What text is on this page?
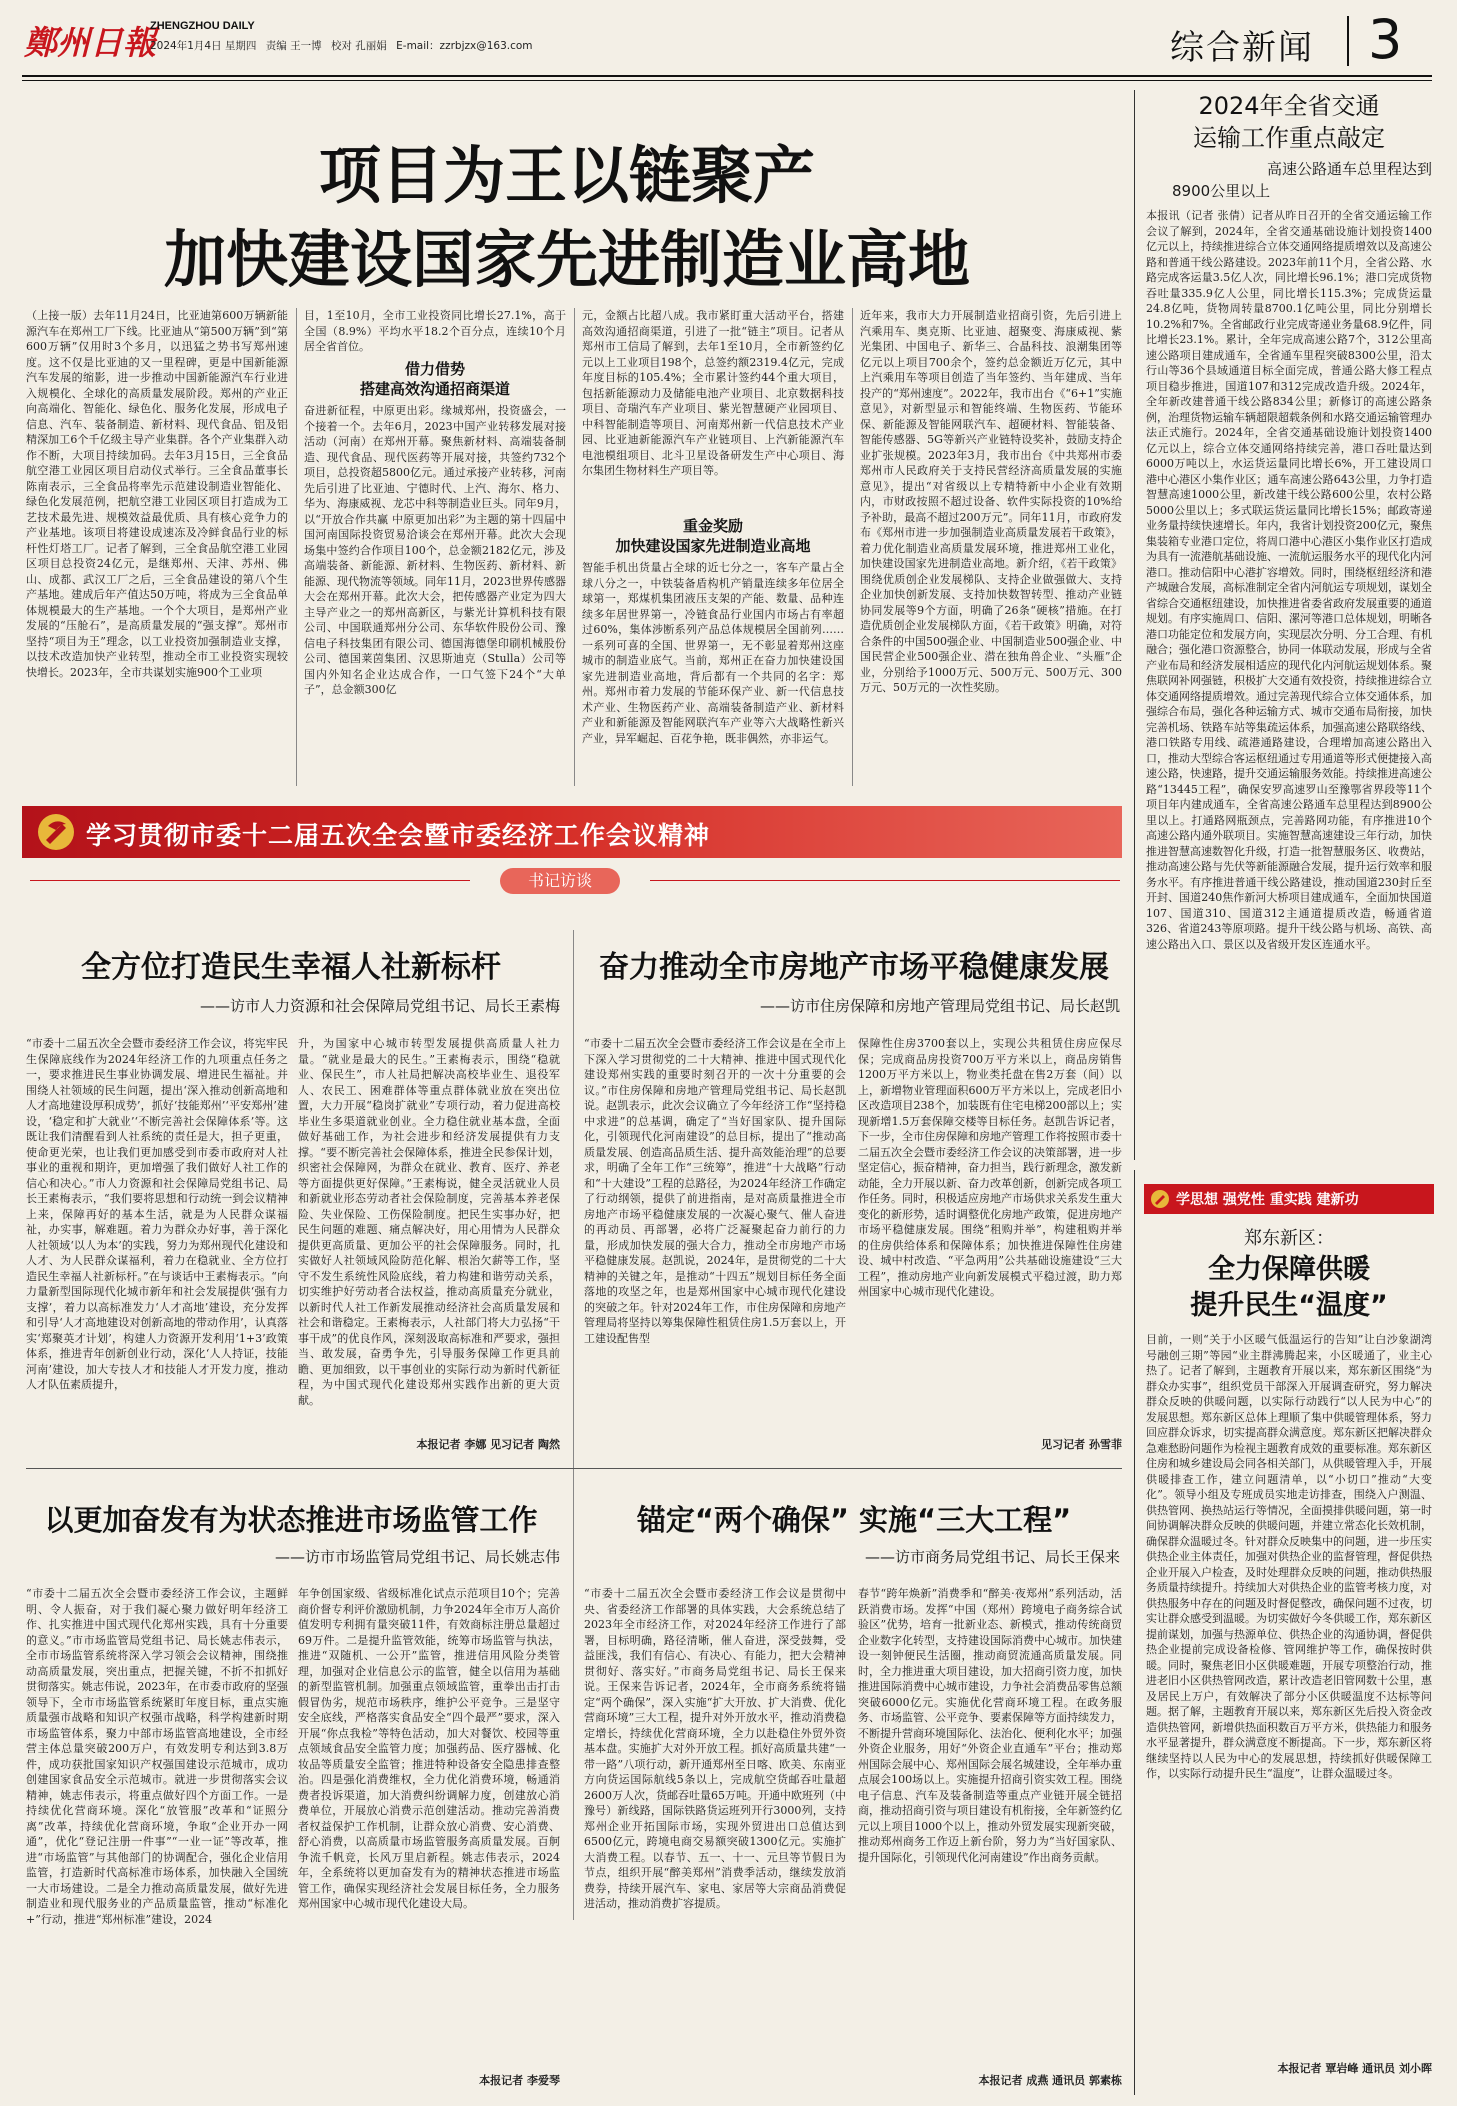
鄭州日報
ZHENGZHOU DAILY
2024年1月4日 星期四 责编 王一博 校对 孔丽娟 E-mail：zzrbjzx@163.com	综合新闻 3
项目为王以链聚产
加快建设国家先进制造业高地
（上接一版）去年11月24日，比亚迪第600万辆新能源汽车在郑州工厂下线。比亚迪从“第500万辆”到“第600万辆”仅用时3个多月，以迅猛之势书写郑州速度。这不仅是比亚迪的又一里程碑，更是中国新能源汽车发展的缩影，进一步推动中国新能源汽车行业进入规模化、全球化的高质量发展阶段。郑州的产业正向高端化、智能化、绿色化、服务化发展，形成电子信息、汽车、装备制造、新材料、现代食品、铝及铝精深加工6个千亿级主导产业集群。各个产业集群入动作不断，大项目持续加码。去年3月15日，三全食品航空港工业园区项目启动仪式举行。三全食品董事长陈南表示，三全食品将率先示范建设制造业智能化、绿色化发展范例，把航空港工业园区项目打造成为工艺技术最先进、规模效益最优质、具有核心竞争力的产业基地。该项目将建设成速冻及冷鲜食品行业的标杆性灯塔工厂。记者了解到，三全食品航空港工业园区项目总投资24亿元，是继郑州、天津、苏州、佛山、成都、武汉工厂之后，三全食品建设的第八个生产基地。建成后年产值达50万吨，将成为三全食品单体规模最大的生产基地。一个个大项目，是郑州产业发展的“压舱石”，是高质量发展的“强支撑”。郑州市坚持“项目为王”理念，以工业投资加强制造业支撑，以技术改造加快产业转型，推动全市工业投资实现较快增长。2023年，全市共谋划实施900个工业项
目，1至10月，全市工业投资同比增长27.1%，高于全国（8.9%）平均水平18.2个百分点，连续10个月居全省首位。
借力借势
搭建高效沟通招商渠道
奋进新征程，中原更出彩。缘城郑州，投资盛会，一个接着一个。去年6月，2023中国产业转移发展对接活动（河南）在郑州开幕。聚焦新材料、高端装备制造、现代食品、现代医药等开展对接，共签约732个项目，总投资超5800亿元。通过承接产业转移，河南先后引进了比亚迪、宁德时代、上汽、海尔、格力、华为、海康威视、龙芯中科等制造业巨头。同年9月，以“开放合作共赢 中原更加出彩”为主题的第十四届中国河南国际投资贸易洽谈会在郑州开幕。此次大会现场集中签约合作项目100个，总金额2182亿元，涉及高端装备、新能源、新材料、生物医药、新材料、新能源、现代物流等领域。同年11月，2023世界传感器大会在郑州开幕。此次大会，把传感器产业定为四大主导产业之一的郑州高新区，与紫光计算机科技有限公司、中国联通郑州分公司、东华软件股份公司、豫信电子科技集团有限公司、德国海德堡印刷机械股份公司、德国莱茵集团、汉思斯迪克（Stulla）公司等国内外知名企业达成合作，一口气签下24个“大单子”，总金额300亿
元，金额占比超八成。我市紧盯重大活动平台，搭建高效沟通招商渠道，引进了一批“链主”项目。记者从郑州市工信局了解到，去年1至10月，全市新签约亿元以上工业项目198个，总签约额2319.4亿元，完成年度目标的105.4%；全市累计签约44个重大项目，包括新能源动力及储能电池产业项目、北京数据科技项目、奇瑞汽车产业项目、紫光智慧硬产业园项目、中科智能制造等项目、河南郑州新一代信息技术产业园、比亚迪新能源汽车产业链项目、上汽新能源汽车电池模组项目、北斗卫星设备研发生产中心项目、海尔集团生物材料生产项目等。
重金奖励
加快建设国家先进制造业高地
智能手机出货量占全球的近七分之一，客车产量占全球八分之一，中铁装备盾构机产销量连续多年位居全球第一，郑煤机集团液压支架的产能、数量、品种连续多年居世界第一，冷链食品行业国内市场占有率超过60%，集体涉断系列产品总体规模居全国前列……一系列可喜的全国、世界第一，无不彰显着郑州这座城市的制造业底气。当前，郑州正在奋力加快建设国家先进制造业高地，背后都有一个共同的名字：郑州。郑州市着力发展的节能环保产业、新一代信息技术产业、生物医药产业、高端装备制造产业、新材料产业和新能源及智能网联汽车产业等六大战略性新兴产业，异军崛起、百花争艳，既非偶然，亦非运气。
近年来，我市大力开展制造业招商引资，先后引进上汽乘用车、奥克斯、比亚迪、超聚变、海康威视、紫光集团、中国电子、新华三、合晶科技、浪潮集团等亿元以上项目700余个，签约总金额近万亿元，其中上汽乘用车等项目创造了当年签约、当年建成、当年投产的“郑州速度”。2022年，我市出台《“6+1”实施意见》，对新型显示和智能终端、生物医药、节能环保、新能源及智能网联汽车、超硬材料、智能装备、智能传感器、5G等新兴产业链特设奖补，鼓励支持企业扩张规模。2023年3月，我市出台《中共郑州市委 郑州市人民政府关于支持民营经济高质量发展的实施意见》，提出“对省级以上专精特新中小企业有效期内，市财政按照不超过设备、软件实际投资的10%给予补助，最高不超过200万元”。同年11月，市政府发布《郑州市进一步加强制造业高质量发展若干政策》，着力优化制造业高质量发展环境，推进郑州工业化，加快建设国家先进制造业高地。新介绍，《若干政策》围绕优质创企业发展梯队、支持企业做强做大、支持企业加快创新发展、支持加快数智转型、推动产业链协同发展等9个方面，明确了26条“硬核”措施。在打造优质创企业发展梯队方面，《若干政策》明确，对符合条件的中国500强企业、中国制造业500强企业、中国民营企业500强企业、潜在独角兽企业、“头雁”企业，分别给予1000万元、500万元、500万元、300万元、50万元的一次性奖励。
2024年全省交通
运输工作重点敲定
高速公路通车总里程达到
8900公里以上
本报讯（记者 张倩）记者从昨日召开的全省交通运输工作会议了解到，2024年，全省交通基础设施计划投资1400亿元以上，持续推进综合立体交通网络提质增效以及高速公路和普通干线公路建设。2023年前11个月，全省公路、水路完成客运量3.5亿人次，同比增长96.1%；港口完成货物吞吐量335.9亿人公里，同比增长115.3%；完成货运量24.8亿吨，货物周转量8700.1亿吨公里，同比分别增长10.2%和7%。全省邮政行业完成寄递业务量68.9亿件，同比增长23.1%。累计，全年完成高速公路7个，312公里高速公路项目建成通车，全省通车里程突破8300公里，沿太行山等36个县域通道目标全面完成，普通公路大修工程点项目稳步推进，国道107和312完成改造升级。2024年，全年新改建普通干线公路834公里；新修订的高速公路条例，治理货物运输车辆超限超载条例和水路交通运输管理办法正式施行。2024年，全省交通基础设施计划投资1400亿元以上，综合立体交通网络持续完善，港口吞吐量达到6000万吨以上，水运货运量同比增长6%，开工建设周口港中心港区小集作业区；通车高速公路643公里，力争打造智慧高速1000公里，新改建干线公路600公里，农村公路5000公里以上；多式联运货运量同比增长15%；邮政寄递业务量持续快速增长。年内，我省计划投资200亿元，聚焦集装箱专业港口定位，将周口港中心港区小集作业区打造成为具有一流港航基础设施、一流航运服务水平的现代化内河港口。推动信阳中心港扩容增效。同时，围绕枢纽经济和港产城融合发展，高标准制定全省内河航运专项规划，谋划全省综合交通枢纽建设，加快推进省委省政府发展重要的通道规划。有序实施周口、信阳、漯河等港口总体规划，明晰各港口功能定位和发展方向，实现层次分明、分工合理、有机融合；强化港口资源整合，协同一体联动发展，形成与全省产业布局和经济发展相适应的现代化内河航运规划体系。聚焦联网补网强链，积极扩大交通有效投资，持续推进综合立体交通网络提质增效。通过完善现代综合立体交通体系，加强综合布局，强化各种运输方式、城市交通布局衔接，加快完善机场、铁路车站等集疏运体系，加强高速公路联络线、港口铁路专用线、疏港通路建设，合理增加高速公路出入口，推动大型综合客运枢纽通过专用通道等形式便捷接入高速公路，快速路，提升交通运输服务效能。持续推进高速公路“13445工程”，确保安罗高速罗山至豫鄂省界段等11个项目年内建成通车，全省高速公路通车总里程达到8900公里以上。打通路网瓶颈点，完善路网功能，有序推进10个高速公路内通外联项目。实施智慧高速建设三年行动，加快推进智慧高速数智化升级，打造一批智慧服务区、收费站，推动高速公路与先伏等新能源融合发展，提升运行效率和服务水平。有序推进普通干线公路建设，推动国道230封丘至开封、国道240焦作新河大桥项目建成通车，全面加快国道107、国道310、国道312主通道提质改造，畅通省道326、省道243等原项路。提升干线公路与机场、高铁、高速公路出入口、景区以及省级开发区连通水平。
学习贯彻市委十二届五次全会暨市委经济工作会议精神
书记访谈
全方位打造民生幸福人社新标杆
——访市人力资源和社会保障局党组书记、局长王素梅
“市委十二届五次全会暨市委经济工作会议，将宪牢民生保障底线作为2024年经济工作的九项重点任务之一，要求推进民生事业协调发展、增进民生福祉。并围绕人社领域的民生问题，提出‘深入推动创新高地和人才高地建设厚积成势’，抓好‘技能郑州’‘平安郑州’建设，‘稳定和扩大就业’‘不断完善社会保障体系’等。这既让我们清醒看到人社系统的责任是大，担子更重，使命更光荣，也让我们更加感受到市委市政府对人社事业的重视和期许，更加增强了我们做好人社工作的信心和决心。”市人力资源和社会保障局党组书记、局长王素梅表示，“我们要将思想和行动统一到会议精神上来，保障再好的基本生活，就是为人民群众谋福祉，办实事，解难题。着力为群众办好事，善于深化人社领域‘以人为本’的实践，努力为郑州现代化建设和人才、为人民群众谋福利，着力在稳就业、全方位打造民生幸福人社新标杆。”在与谈话中王素梅表示。“向力量新型国际现代化城市新年和社会发展提供‘强有力支撑’，着力以高标准发力‘人才高地’建设，充分发挥和引导‘人才高地建设对创新高地的带动作用’，认真落实‘郑聚英才计划’，构建人力资源开发利用‘1+3’政策体系，推进青年创新创业行动，深化‘人人持证，技能河南’建设，加大专技人才和技能人才开发力度，推动人才队伍素质提升，
升，为国家中心城市转型发展提供高质量人社力量。“就业是最大的民生。”王素梅表示，围绕“稳就业、保民生”，市人社局把解决高校毕业生、退役军人、农民工、困难群体等重点群体就业放在突出位置，大力开展“稳岗扩就业”专项行动，着力促进高校毕业生多渠道就业创业。全力稳住就业基本盘，全面做好基础工作，为社会进步和经济发展提供有力支撑。“要不断完善社会保障体系，推进全民参保计划，织密社会保障网，为群众在就业、教育、医疗、养老等方面提供更好保障。”王素梅说，健全灵活就业人员和新就业形态劳动者社会保险制度，完善基本养老保险、失业保险、工伤保险制度。把民生实事办好，把民生问题的难题、痛点解决好，用心用情为人民群众提供更高质量、更加公平的社会保障服务。同时，扎实做好人社领域风险防范化解、根治欠薪等工作，坚守不发生系统性风险底线，着力构建和谐劳动关系，切实维护好劳动者合法权益，推动高质量充分就业，以新时代人社工作新发展推动经济社会高质量发展和社会和谐稳定。王素梅表示，人社部门将大力弘扬“干事干成”的优良作风，深刻汲取高标准和严要求，强担当、敢发展，奋勇争先，引导服务保障工作更具前瞻、更加细致，以干事创业的实际行动为新时代新征程，为中国式现代化建设郑州实践作出新的更大贡献。
本报记者 李娜 见习记者 陶然
奋力推动全市房地产市场平稳健康发展
——访市住房保障和房地产管理局党组书记、局长赵凯
“市委十二届五次全会暨市委经济工作会议是在全市上下深入学习贯彻党的二十大精神、推进中国式现代化建设郑州实践的重要时刻召开的一次十分重要的会议。”市住房保障和房地产管理局党组书记、局长赵凯说。赵凯表示，此次会议确立了今年经济工作“坚持稳中求进”的总基调，确定了“当好国家队、提升国际化，引领现代化河南建设”的总目标，提出了“推动高质量发展、创造高品质生活、提升高效能治理”的总要求，明确了全年工作“三统筹”，推进“十大战略”行动和“十大建设”工程的总路径，为2024年经济工作确定了行动纲领，提供了前进指南，是对高质量推进全市房地产市场平稳健康发展的一次凝心聚气、催人奋进的再动员、再部署，必将广泛凝聚起奋力前行的力量，形成加快发展的强大合力，推动全市房地产市场平稳健康发展。赵凯说，2024年，是贯彻党的二十大精神的关键之年，是推动“十四五”规划目标任务全面落地的攻坚之年，也是郑州国家中心城市现代化建设的突破之年。针对2024年工作，市住房保障和房地产管理局将坚持以筹集保障性租赁住房1.5万套以上，开工建设配售型
保障性住房3700套以上，实现公共租赁住房应保尽保；完成商品房投资700万平方米以上，商品房销售1200万平方米以上，物业类托盘在售2万套（间）以上，新增物业管理面积600万平方米以上，完成老旧小区改造项目238个，加装既有住宅电梯200部以上；实现新增1.5万套保障交楼等目标任务。赵凯告诉记者，下一步，全市住房保障和房地产管理工作将按照市委十二届五次全会暨市委经济工作会议的决策部署，进一步坚定信心，振奋精神，奋力担当，践行新理念，激发新动能，全力开展以新、奋力改革创新，创新完成各项工作任务。同时，积极适应房地产市场供求关系发生重大变化的新形势，适时调整优化房地产政策，促进房地产市场平稳健康发展。围绕“租购并举”，构建租购并举的住房供给体系和保障体系；加快推进保障性住房建设、城中村改造、“平急两用”公共基础设施建设“三大工程”，推动房地产业向新发展模式平稳过渡，助力郑州国家中心城市现代化建设。
见习记者 孙雪菲
以更加奋发有为状态推进市场监管工作
——访市市场监管局党组书记、局长姚志伟
“市委十二届五次全会暨市委经济工作会议，主题鲜明、令人振奋，对于我们凝心聚力做好明年经济工作、扎实推进中国式现代化郑州实践，具有十分重要的意义。”市市场监管局党组书记、局长姚志伟表示，全市市场监管系统将深入学习领会会议精神，围绕推动高质量发展，突出重点，把握关键，不折不扣抓好贯彻落实。姚志伟说，2023年，在市委市政府的坚强领导下，全市市场监管系统紧盯年度目标，重点实施质量强市战略和知识产权强市战略，科学构建新时期市场监管体系，聚力中部市场监管高地建设，全市经营主体总量突破200万户，有效发明专利达到3.8万件，成功获批国家知识产权强国建设示范城市，成功创建国家食品安全示范城市。就进一步贯彻落实会议精神，姚志伟表示，将重点做好四个方面工作。一是持续优化营商环境。深化“放管服”改革和“证照分离”改革，持续优化营商环境，争取“企业开办一网通”，优化“登记注册一件事”“一业一证”等改革，推进“市场监管”与其他部门的协调配合，强化企业信用监管，打造新时代高标准市场体系，加快融入全国统一大市场建设。二是全力推动高质量发展，做好先进制造业和现代服务业的产品质量监管，推动“标准化+”行动，推进“郑州标准”建设，2024
年争创国家级、省级标准化试点示范项目10个；完善商价督专利评价激励机制，力争2024年全市万人高价值发明专利拥有量突破11件，有效商标注册总量超过69万件。二是提升监管效能，统筹市场监管与执法，推进“双随机、一公开”监管，推进信用风险分类管理，加强对企业信息公示的监管，健全以信用为基础的新型监管机制。加强重点领域监管，重拳出击打击假冒伪劣，规范市场秩序，维护公平竞争。三是坚守安全底线，严格落实食品安全“四个最严”要求，深入开展“你点我检”等特色活动，加大对餐饮、校园等重点领域食品安全监管力度；加强药品、医疗器械、化妆品等质量安全监管；推进特种设备安全隐患排查整治。四是强化消费维权，全力优化消费环境，畅通消费者投诉渠道，加大消费纠纷调解力度，创建放心消费单位，开展放心消费示范创建活动。推动完善消费者权益保护工作机制，让群众放心消费、安心消费、舒心消费，以高质量市场监管服务高质量发展。百舸争流千帆竞，长风万里启新程。姚志伟表示，2024年，全系统将以更加奋发有为的精神状态推进市场监管工作，确保实现经济社会发展目标任务，全力服务郑州国家中心城市现代化建设大局。
本报记者 李爱琴
锚定“两个确保” 实施“三大工程”
——访市商务局党组书记、局长王保来
“市委十二届五次全会暨市委经济工作会议是贯彻中央、省委经济工作部署的具体实践，大会系统总结了2023年全市经济工作，对2024年经济工作进行了部署，目标明确，路径清晰，催人奋进，深受鼓舞，受益匪浅，我们有信心、有决心、有能力，把大会精神贯彻好、落实好。”市商务局党组书记、局长王保来说。王保来告诉记者，2024年，全市商务系统将锚定“两个确保”，深入实施“扩大开放、扩大消费、优化营商环境”三大工程，提升对外开放水平，推动消费稳定增长，持续优化营商环境，全力以赴稳住外贸外资基本盘。实施扩大对外开放工程。抓好高质量共建“一带一路”八项行动，新开通郑州至日喀、欧美、东南亚方向货运国际航线5条以上，完成航空货邮吞吐量超2600万人次，货邮吞吐量65万吨。开通中欧班列（中豫号）新线路，国际铁路货运班列开行3000列，支持郑州企业开拓国际市场，实现外贸进出口总值达到6500亿元，跨境电商交易额突破1300亿元。实施扩大消费工程。以春节、五一、十一、元旦等节假日为节点，组织开展“醉美郑州”消费季活动，继续发放消费券，持续开展汽车、家电、家居等大宗商品消费促进活动，推动消费扩容提质。
春节“跨年焕新”消费季和“醉美·夜郑州”系列活动，活跃消费市场。发挥“中国（郑州）跨境电子商务综合试验区”优势，培育一批新业态、新模式，推动传统商贸企业数字化转型，支持建设国际消费中心城市。加快建设一刻钟便民生活圈，推动商贸流通高质量发展。同时，全力推进重大项目建设，加大招商引资力度，加快推进国际消费中心城市建设，力争社会消费品零售总额突破6000亿元。实施优化营商环境工程。在政务服务、市场监管、公平竞争、要素保障等方面持续发力，不断提升营商环境国际化、法治化、便利化水平；加强外资企业服务，用好“外资企业直通车”平台；推动郑州国际会展中心、郑州国际会展名城建设，全年举办重点展会100场以上。实施提升招商引资实效工程。围绕电子信息、汽车及装备制造等重点产业链开展全链招商，推动招商引资与项目建设有机衔接，全年新签约亿元以上项目1000个以上，推动外贸发展实现新突破，推动郑州商务工作迈上新台阶，努力为“当好国家队、提升国际化，引领现代化河南建设”作出商务贡献。
本报记者 成燕 通讯员 郭素栋
学思想 强党性 重实践 建新功
郑东新区：
全力保障供暖
提升民生“温度”
目前，一则“关于小区暖气低温运行的告知”让白沙象湖湾号融创三期”等园“业主群沸腾起来，小区暖通了，业主心热了。记者了解到，主题教育开展以来，郑东新区围绕“为群众办实事”，组织党员干部深入开展调查研究，努力解决群众反映的供暖问题，以实际行动践行“以人民为中心”的发展思想。郑东新区总体上理顺了集中供暖管理体系，努力回应群众诉求，切实提高群众满意度。郑东新区把解决群众急难愁盼问题作为检视主题教育成效的重要标准。郑东新区住房和城乡建设局会同各相关部门，从供暖管理入手，开展供暖排查工作，建立问题清单，以“小切口”推动“大变化”。领导小组及专班成员实地走访排查，围绕入户测温、供热管网、换热站运行等情况，全面摸排供暖问题，第一时间协调解决群众反映的供暖问题，并建立常态化长效机制，确保群众温暖过冬。针对群众反映集中的问题，进一步压实供热企业主体责任，加强对供热企业的监督管理，督促供热企业开展入户检查，及时处理群众反映的问题，推动供热服务质量持续提升。持续加大对供热企业的监管考核力度，对供热服务中存在的问题及时督促整改，确保问题不过夜，切实让群众感受到温暖。为切实做好今冬供暖工作，郑东新区提前谋划，加强与热源单位、供热企业的沟通协调，督促供热企业提前完成设备检修、管网维护等工作，确保按时供暖。同时，聚焦老旧小区供暖难题，开展专项整治行动，推进老旧小区供热管网改造，累计改造老旧管网数十公里，惠及居民上万户，有效解决了部分小区供暖温度不达标等问题。据了解，主题教育开展以来，郑东新区先后投入资金改造供热管网，新增供热面积数百万平方米，供热能力和服务水平显著提升，群众满意度不断提高。下一步，郑东新区将继续坚持以人民为中心的发展思想，持续抓好供暖保障工作，以实际行动提升民生“温度”，让群众温暖过冬。
本报记者 覃岩峰 通讯员 刘小晖
